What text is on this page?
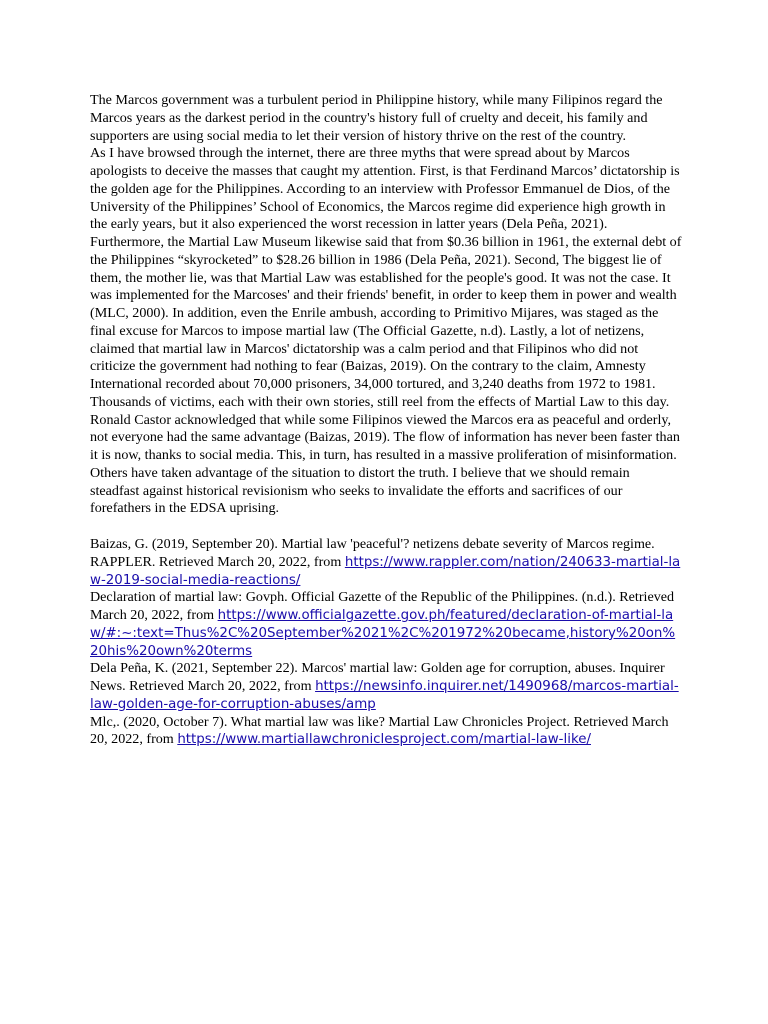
The Marcos government was a turbulent period in Philippine history, while many Filipinos regard the Marcos years as the darkest period in the country's history full of cruelty and deceit, his family and supporters are using social media to let their version of history thrive on the rest of the country.

As I have browsed through the internet, there are three myths that were spread about by Marcos apologists to deceive the masses that caught my attention. First, is that Ferdinand Marcos’ dictatorship is the golden age for the Philippines. According to an interview with Professor Emmanuel de Dios, of the University of the Philippines’ School of Economics, the Marcos regime did experience high growth in the early years, but it also experienced the worst recession in latter years (Dela Peña, 2021). Furthermore, the Martial Law Museum likewise said that from $0.36 billion in 1961, the external debt of the Philippines “skyrocketed” to $28.26 billion in 1986 (Dela Peña, 2021). Second, The biggest lie of them, the mother lie, was that Martial Law was established for the people's good. It was not the case. It was implemented for the Marcoses' and their friends' benefit, in order to keep them in power and wealth (MLC, 2000). In addition, even the Enrile ambush, according to Primitivo Mijares, was staged as the final excuse for Marcos to impose martial law (The Official Gazette, n.d). Lastly, a lot of netizens, claimed that martial law in Marcos' dictatorship was a calm period and that Filipinos who did not criticize the government had nothing to fear (Baizas, 2019). On the contrary to the claim, Amnesty International recorded about 70,000 prisoners, 34,000 tortured, and 3,240 deaths from 1972 to 1981. Thousands of victims, each with their own stories, still reel from the effects of Martial Law to this day. Ronald Castor acknowledged that while some Filipinos viewed the Marcos era as peaceful and orderly, not everyone had the same advantage (Baizas, 2019). The flow of information has never been faster than it is now, thanks to social media. This, in turn, has resulted in a massive proliferation of misinformation. Others have taken advantage of the situation to distort the truth. I believe that we should remain steadfast against historical revisionism who seeks to invalidate the efforts and sacrifices of our forefathers in the EDSA uprising.

Baizas, G. (2019, September 20). Martial law 'peaceful'? netizens debate severity of Marcos regime. RAPPLER. Retrieved March 20, 2022, from https://www.rappler.com/nation/240633-martial-law-2019-social-media-reactions/

Declaration of martial law: Govph. Official Gazette of the Republic of the Philippines. (n.d.). Retrieved March 20, 2022, from https://www.officialgazette.gov.ph/featured/declaration-of-martial-law/#:~:text=Thus%2C%20September%2021%2C%201972%20became,history%20on%20his%20own%20terms

Dela Peña, K. (2021, September 22). Marcos' martial law: Golden age for corruption, abuses. Inquirer News. Retrieved March 20, 2022, from https://newsinfo.inquirer.net/1490968/marcos-martial-law-golden-age-for-corruption-abuses/amp

Mlc,. (2020, October 7). What martial law was like? Martial Law Chronicles Project. Retrieved March 20, 2022, from https://www.martiallawchroniclesproject.com/martial-law-like/
